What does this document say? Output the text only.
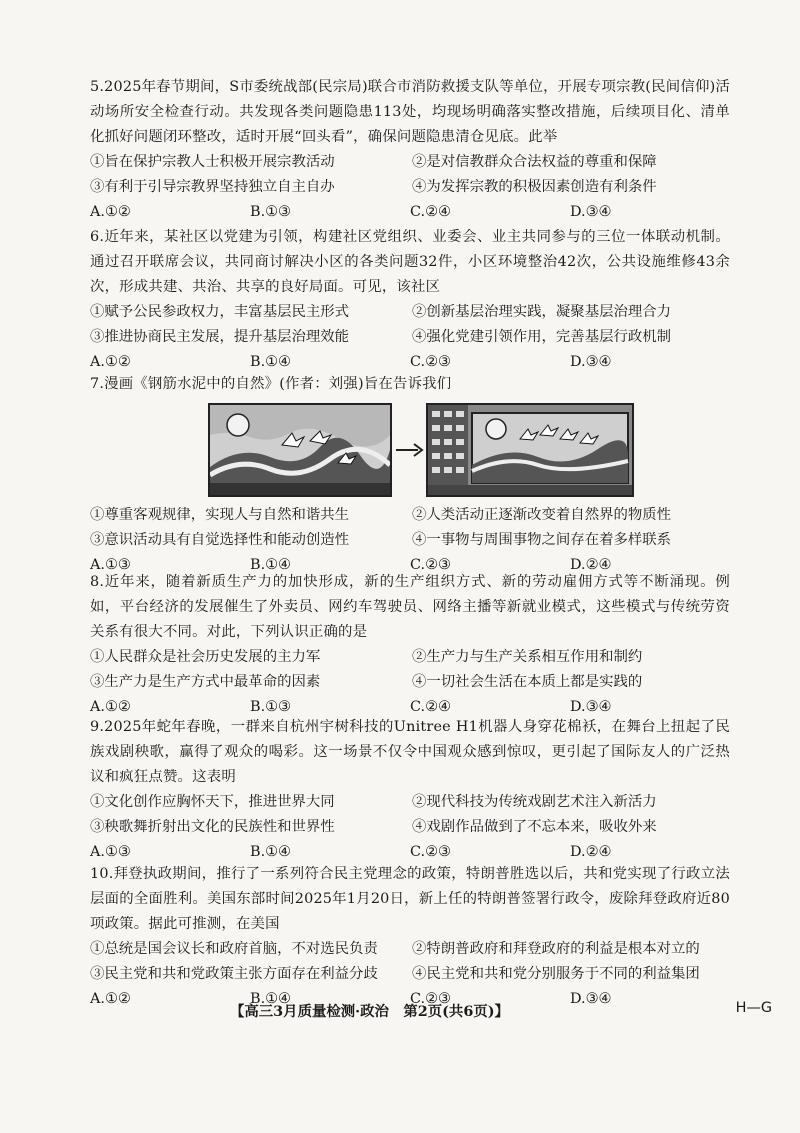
5.2025年春节期间，S市委统战部(民宗局)联合市消防救援支队等单位，开展专项宗教(民间信仰)活动场所安全检查行动。共发现各类问题隐患113处，均现场明确落实整改措施，后续项目化、清单化抓好问题闭环整改，适时开展“回头看”，确保问题隐患清仓见底。此举

①旨在保护宗教人士积极开展宗教活动	②是对信教群众合法权益的尊重和保障
③有利于引导宗教界坚持独立自主自办	④为发挥宗教的积极因素创造有利条件
A.①②	B.①③	C.②④	D.③④

6.近年来，某社区以党建为引领，构建社区党组织、业委会、业主共同参与的三位一体联动机制。通过召开联席会议，共同商讨解决小区的各类问题32件，小区环境整治42次，公共设施维修43余次，形成共建、共治、共享的良好局面。可见，该社区

①赋予公民参政权力，丰富基层民主形式	②创新基层治理实践，凝聚基层治理合力
③推进协商民主发展，提升基层治理效能	④强化党建引领作用，完善基层行政机制
A.①②	B.①④	C.②③	D.③④

7.漫画《钢筋水泥中的自然》(作者：刘强)旨在告诉我们

①尊重客观规律，实现人与自然和谐共生	②人类活动正逐渐改变着自然界的物质性
③意识活动具有自觉选择性和能动创造性	④一事物与周围事物之间存在着多样联系
A.①③	B.①④	C.②③	D.②④

8.近年来，随着新质生产力的加快形成，新的生产组织方式、新的劳动雇佣方式等不断涌现。例如，平台经济的发展催生了外卖员、网约车驾驶员、网络主播等新就业模式，这些模式与传统劳资关系有很大不同。对此，下列认识正确的是

①人民群众是社会历史发展的主力军	②生产力与生产关系相互作用和制约
③生产力是生产方式中最革命的因素	④一切社会生活在本质上都是实践的
A.①②	B.①③	C.②④	D.③④

9.2025年蛇年春晚，一群来自杭州宇树科技的Unitree H1机器人身穿花棉袄，在舞台上扭起了民族戏剧秧歌，赢得了观众的喝彩。这一场景不仅令中国观众感到惊叹，更引起了国际友人的广泛热议和疯狂点赞。这表明

①文化创作应胸怀天下，推进世界大同	②现代科技为传统戏剧艺术注入新活力
③秧歌舞折射出文化的民族性和世界性	④戏剧作品做到了不忘本来，吸收外来
A.①③	B.①④	C.②③	D.②④

10.拜登执政期间，推行了一系列符合民主党理念的政策，特朗普胜选以后，共和党实现了行政立法层面的全面胜利。美国东部时间2025年1月20日，新上任的特朗普签署行政令，废除拜登政府近80项政策。据此可推测，在美国

①总统是国会议长和政府首脑，不对选民负责	②特朗普政府和拜登政府的利益是根本对立的
③民主党和共和党政策主张方面存在利益分歧	④民主党和共和党分别服务于不同的利益集团
A.①②	B.①④	C.②③	D.③④
【高三3月质量检测·政治　第2页(共6页)】	H—G
